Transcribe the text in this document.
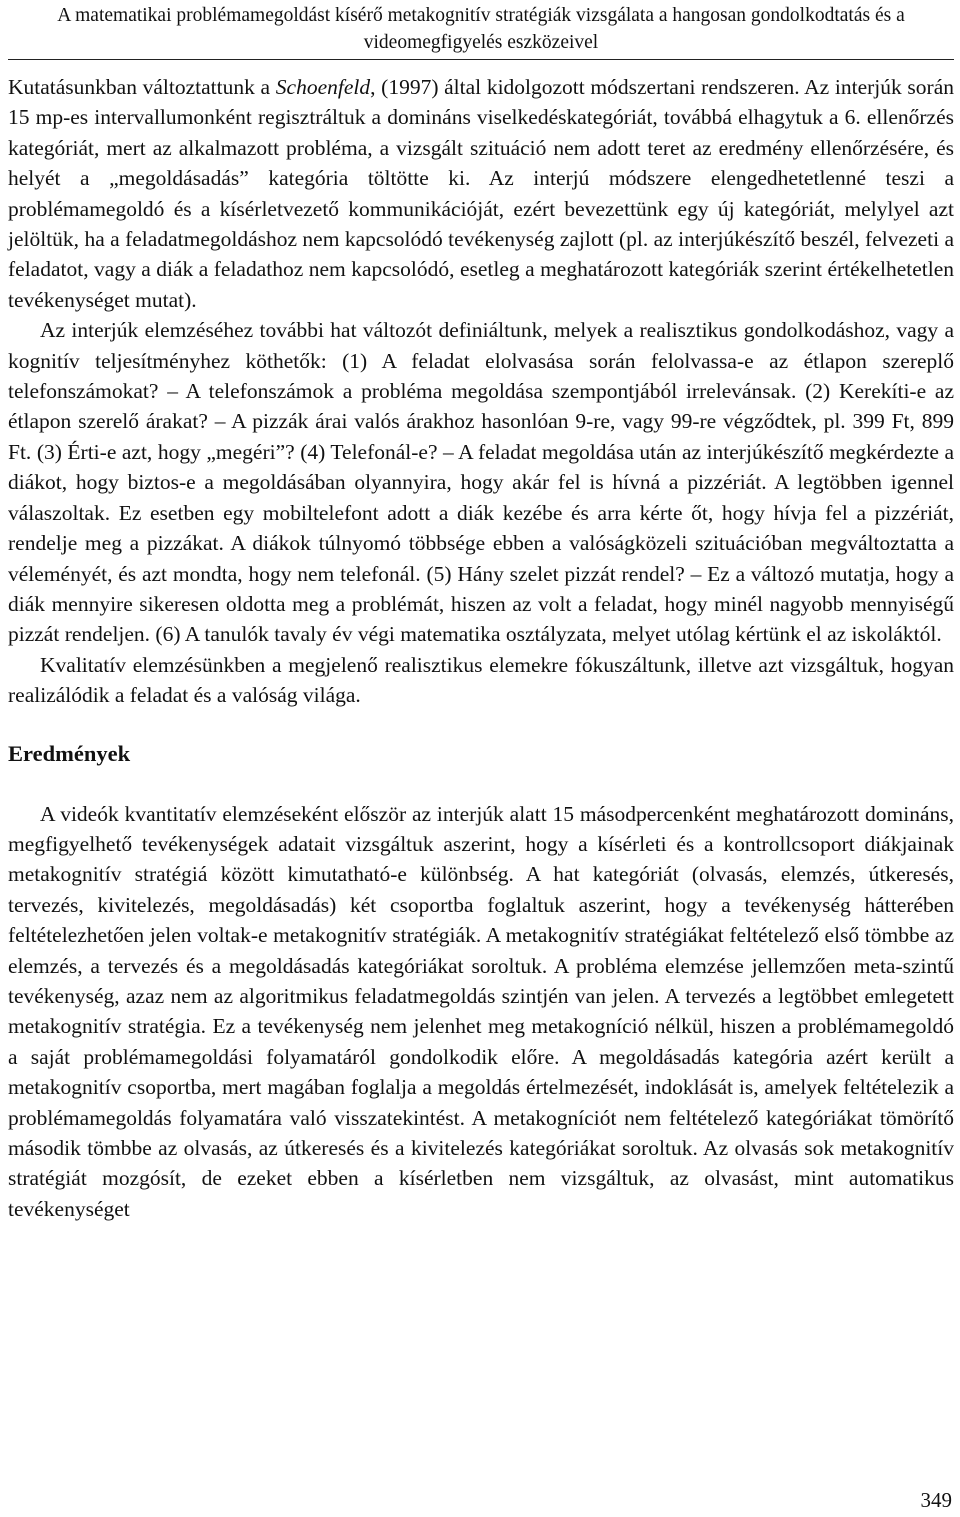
A matematikai problémamegoldást kísérő metakognitív stratégiák vizsgálata a hangosan gondolkodtatás és a videomegfigyelés eszközeivel

Kutatásunkban változtattunk a Schoenfeld, (1997) által kidolgozott módszertani rendszeren. Az interjúk során 15 mp-es intervallumonként regisztráltuk a domináns viselkedéskategóriát, továbbá elhagytuk a 6. ellenőrzés kategóriát, mert az alkalmazott probléma, a vizsgált szituáció nem adott teret az eredmény ellenőrzésére, és helyét a „megoldásadás” kategória töltötte ki. Az interjú módszere elengedhetetlenné teszi a problémamegoldó és a kísérletvezető kommunikációját, ezért bevezettünk egy új kategóriát, melylyel azt jelöltük, ha a feladatmegoldáshoz nem kapcsolódó tevékenység zajlott (pl. az interjúkészítő beszél, felvezeti a feladatot, vagy a diák a feladathoz nem kapcsolódó, esetleg a meghatározott kategóriák szerint értékelhetetlen tevékenységet mutat).

Az interjúk elemzéséhez további hat változót definiáltunk, melyek a realisztikus gondolkodáshoz, vagy a kognitív teljesítményhez köthetők: (1) A feladat elolvasása során felolvassa-e az étlapon szereplő telefonszámokat? – A telefonszámok a probléma megoldása szempontjából irrelevánsak. (2) Kerekíti-e az étlapon szerelő árakat? – A pizzák árai valós árakhoz hasonlóan 9-re, vagy 99-re végződtek, pl. 399 Ft, 899 Ft. (3) Érti-e azt, hogy „megéri”? (4) Telefonál-e? – A feladat megoldása után az interjúkészítő megkérdezte a diákot, hogy biztos-e a megoldásában olyannyira, hogy akár fel is hívná a pizzériát. A legtöbben igennel válaszoltak. Ez esetben egy mobiltelefont adott a diák kezébe és arra kérte őt, hogy hívja fel a pizzériát, rendelje meg a pizzákat. A diákok túlnyomó többsége ebben a valóságközeli szituációban megváltoztatta a véleményét, és azt mondta, hogy nem telefonál. (5) Hány szelet pizzát rendel? – Ez a változó mutatja, hogy a diák mennyire sikeresen oldotta meg a problémát, hiszen az volt a feladat, hogy minél nagyobb mennyiségű pizzát rendeljen. (6) A tanulók tavaly év végi matematika osztályzata, melyet utólag kértünk el az iskoláktól.

Kvalitatív elemzésünkben a megjelenő realisztikus elemekre fókuszáltunk, illetve azt vizsgáltuk, hogyan realizálódik a feladat és a valóság világa.

Eredmények

A videók kvantitatív elemzéseként először az interjúk alatt 15 másodpercenként meghatározott domináns, megfigyelhető tevékenységek adatait vizsgáltuk aszerint, hogy a kísérleti és a kontrollcsoport diákjainak metakognitív stratégiá között kimutatható-e különbség. A hat kategóriát (olvasás, elemzés, útkeresés, tervezés, kivitelezés, megoldásadás) két csoportba foglaltuk aszerint, hogy a tevékenység hátterében feltételezhetően jelen voltak-e metakognitív stratégiák. A metakognitív stratégiákat feltételező első tömbbe az elemzés, a tervezés és a megoldásadás kategóriákat soroltuk. A probléma elemzése jellemzően meta-szintű tevékenység, azaz nem az algoritmikus feladatmegoldás szintjén van jelen. A tervezés a legtöbbet emlegetett metakognitív stratégia. Ez a tevékenység nem jelenhet meg metakogníció nélkül, hiszen a problémamegoldó a saját problémamegoldási folyamatáról gondolkodik előre. A megoldásadás kategória azért került a metakognitív csoportba, mert magában foglalja a megoldás értelmezését, indoklását is, amelyek feltételezik a problémamegoldás folyamatára való visszatekintést. A metakogníciót nem feltételező kategóriákat tömörítő második tömbbe az olvasás, az útkeresés és a kivitelezés kategóriákat soroltuk. Az olvasás sok metakognitív stratégiát mozgósít, de ezeket ebben a kísérletben nem vizsgáltuk, az olvasást, mint automatikus tevékenységet

349
